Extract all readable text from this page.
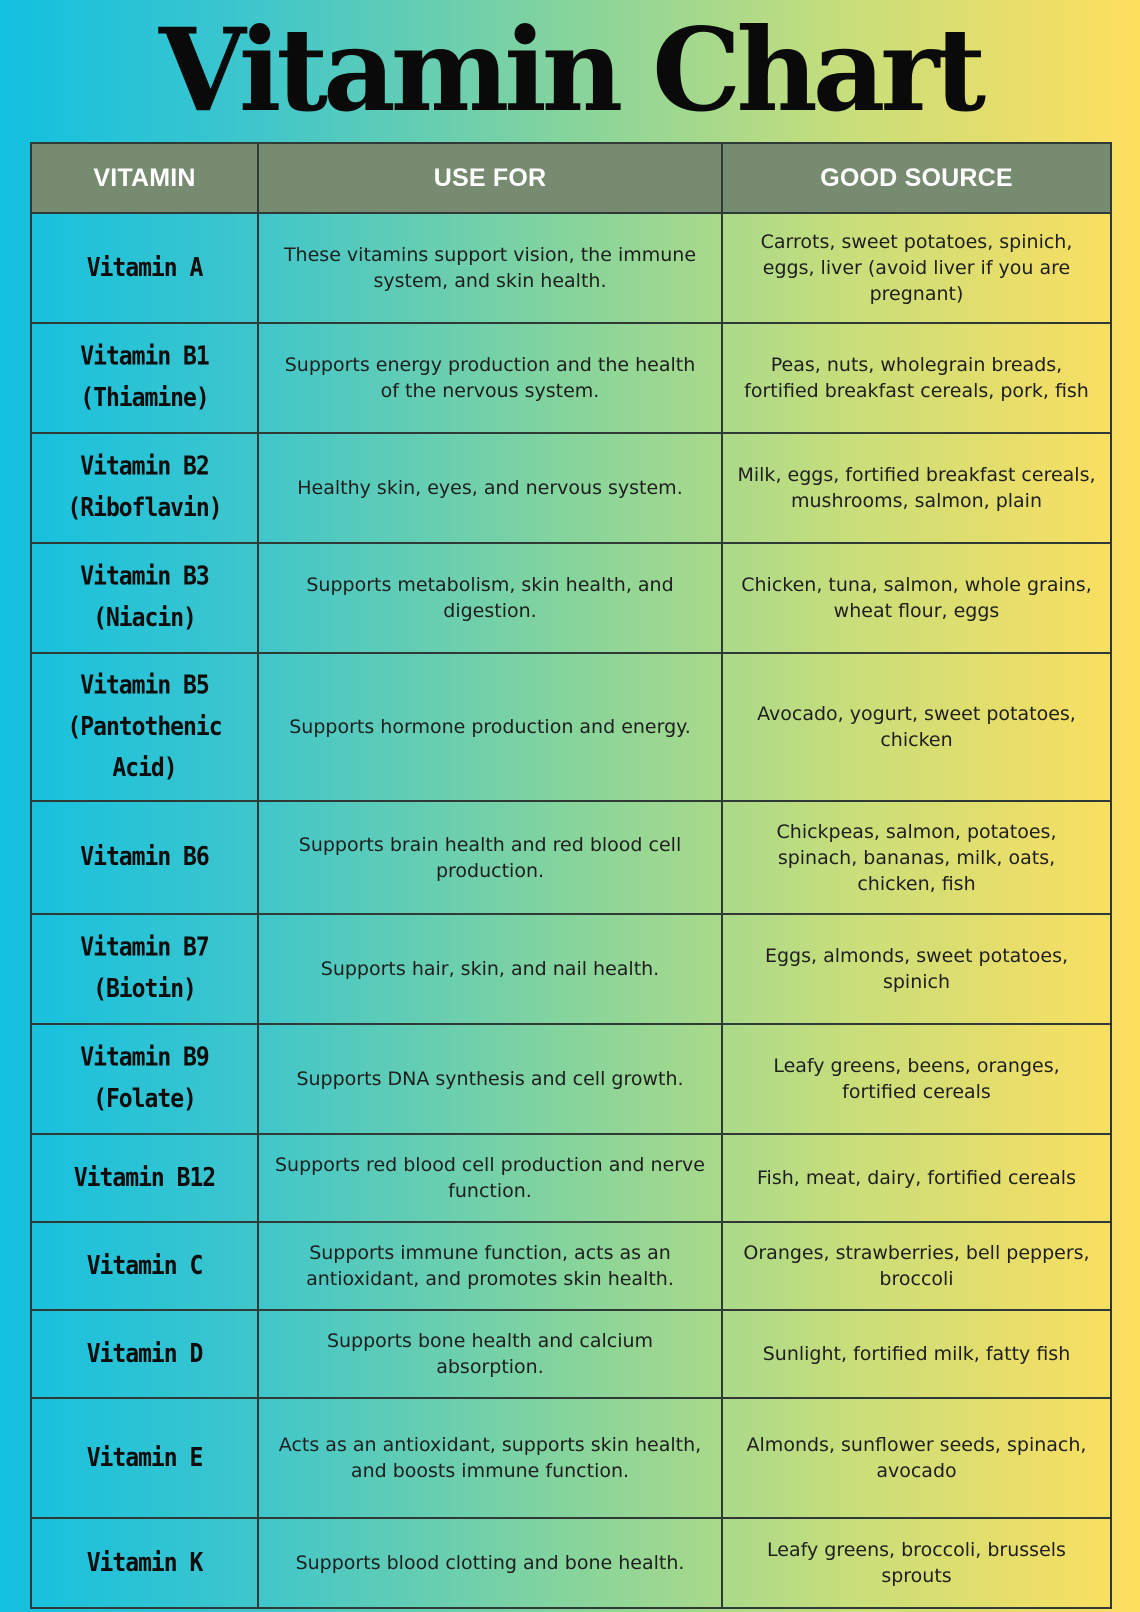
Vitamin Chart
VITAMIN	USE FOR	GOOD SOURCE

Vitamin A	These vitamins support vision, the immune system, and skin health.	Carrots, sweet potatoes, spinich, eggs, liver (avoid liver if you are pregnant)

Vitamin B1
(Thiamine)	Supports energy production and the health of the nervous system.	Peas, nuts, wholegrain breads, fortified breakfast cereals, pork, fish

Vitamin B2
(Riboflavin)	Healthy skin, eyes, and nervous system.	Milk, eggs, fortified breakfast cereals, mushrooms, salmon, plain

Vitamin B3
(Niacin)	Supports metabolism, skin health, and digestion.	Chicken, tuna, salmon, whole grains, wheat flour, eggs

Vitamin B5
(Pantothenic Acid)	Supports hormone production and energy.	Avocado, yogurt, sweet potatoes, chicken

Vitamin B6	Supports brain health and red blood cell production.	Chickpeas, salmon, potatoes, spinach, bananas, milk, oats, chicken, fish

Vitamin B7
(Biotin)	Supports hair, skin, and nail health.	Eggs, almonds, sweet potatoes, spinich

Vitamin B9
(Folate)	Supports DNA synthesis and cell growth.	Leafy greens, beens, oranges, fortified cereals

Vitamin B12	Supports red blood cell production and nerve function.	Fish, meat, dairy, fortified cereals

Vitamin C	Supports immune function, acts as an antioxidant, and promotes skin health.	Oranges, strawberries, bell peppers, broccoli

Vitamin D	Supports bone health and calcium absorption.	Sunlight, fortified milk, fatty fish

Vitamin E	Acts as an antioxidant, supports skin health, and boosts immune function.	Almonds, sunflower seeds, spinach, avocado

Vitamin K	Supports blood clotting and bone health.	Leafy greens, broccoli, brussels sprouts
